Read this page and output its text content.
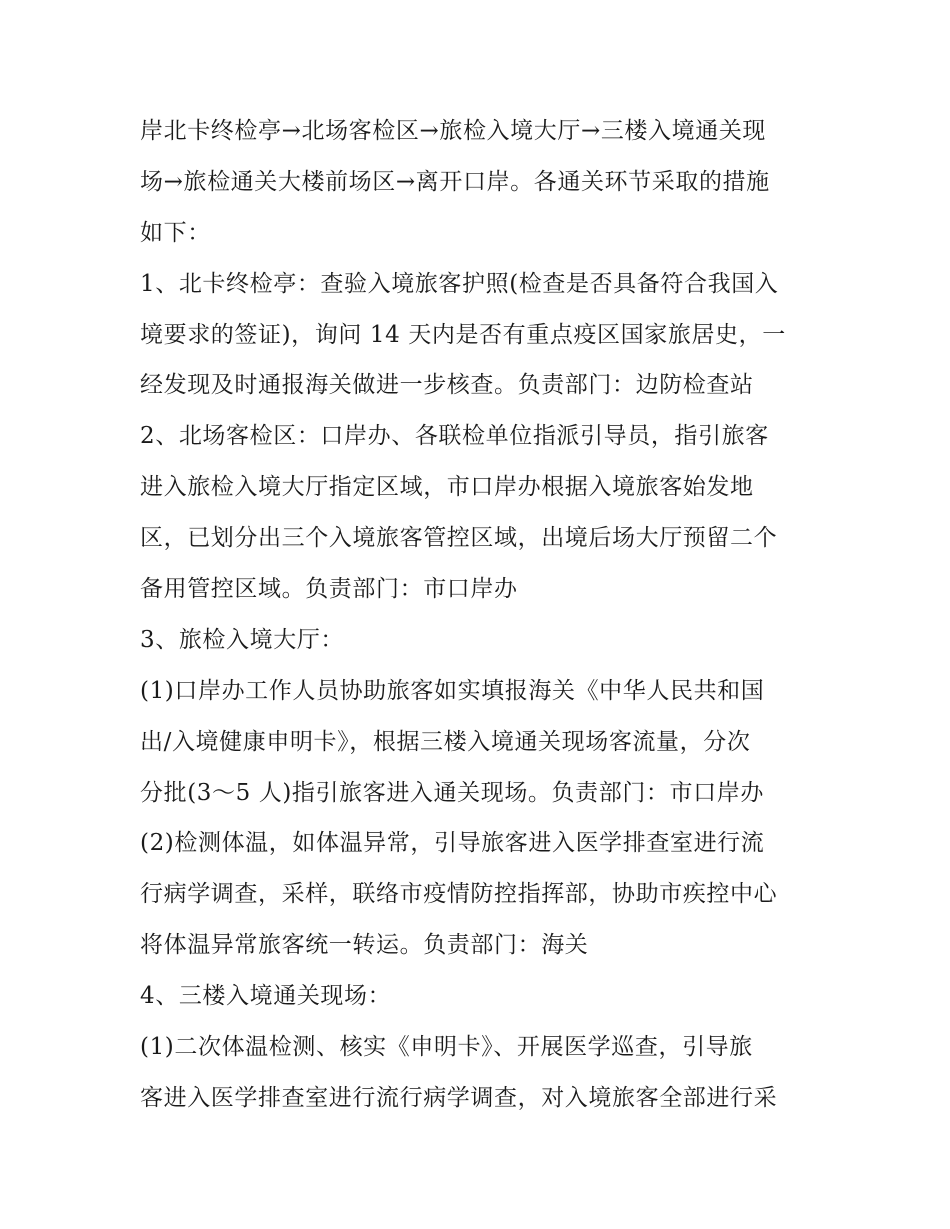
岸北卡终检亭→北场客检区→旅检入境大厅→三楼入境通关现
场→旅检通关大楼前场区→离开口岸。各通关环节采取的措施
如下：
1、北卡终检亭：查验入境旅客护照(检查是否具备符合我国入
境要求的签证)，询问 14 天内是否有重点疫区国家旅居史，一
经发现及时通报海关做进一步核查。负责部门：边防检查站
2、北场客检区：口岸办、各联检单位指派引导员，指引旅客
进入旅检入境大厅指定区域，市口岸办根据入境旅客始发地
区，已划分出三个入境旅客管控区域，出境后场大厅预留二个
备用管控区域。负责部门：市口岸办
3、旅检入境大厅：
(1)口岸办工作人员协助旅客如实填报海关《中华人民共和国
出/入境健康申明卡》，根据三楼入境通关现场客流量，分次
分批(3～5 人)指引旅客进入通关现场。负责部门：市口岸办
(2)检测体温，如体温异常，引导旅客进入医学排查室进行流
行病学调查，采样，联络市疫情防控指挥部，协助市疾控中心
将体温异常旅客统一转运。负责部门：海关
4、三楼入境通关现场：
(1)二次体温检测、核实《申明卡》、开展医学巡查，引导旅
客进入医学排查室进行流行病学调查，对入境旅客全部进行采
